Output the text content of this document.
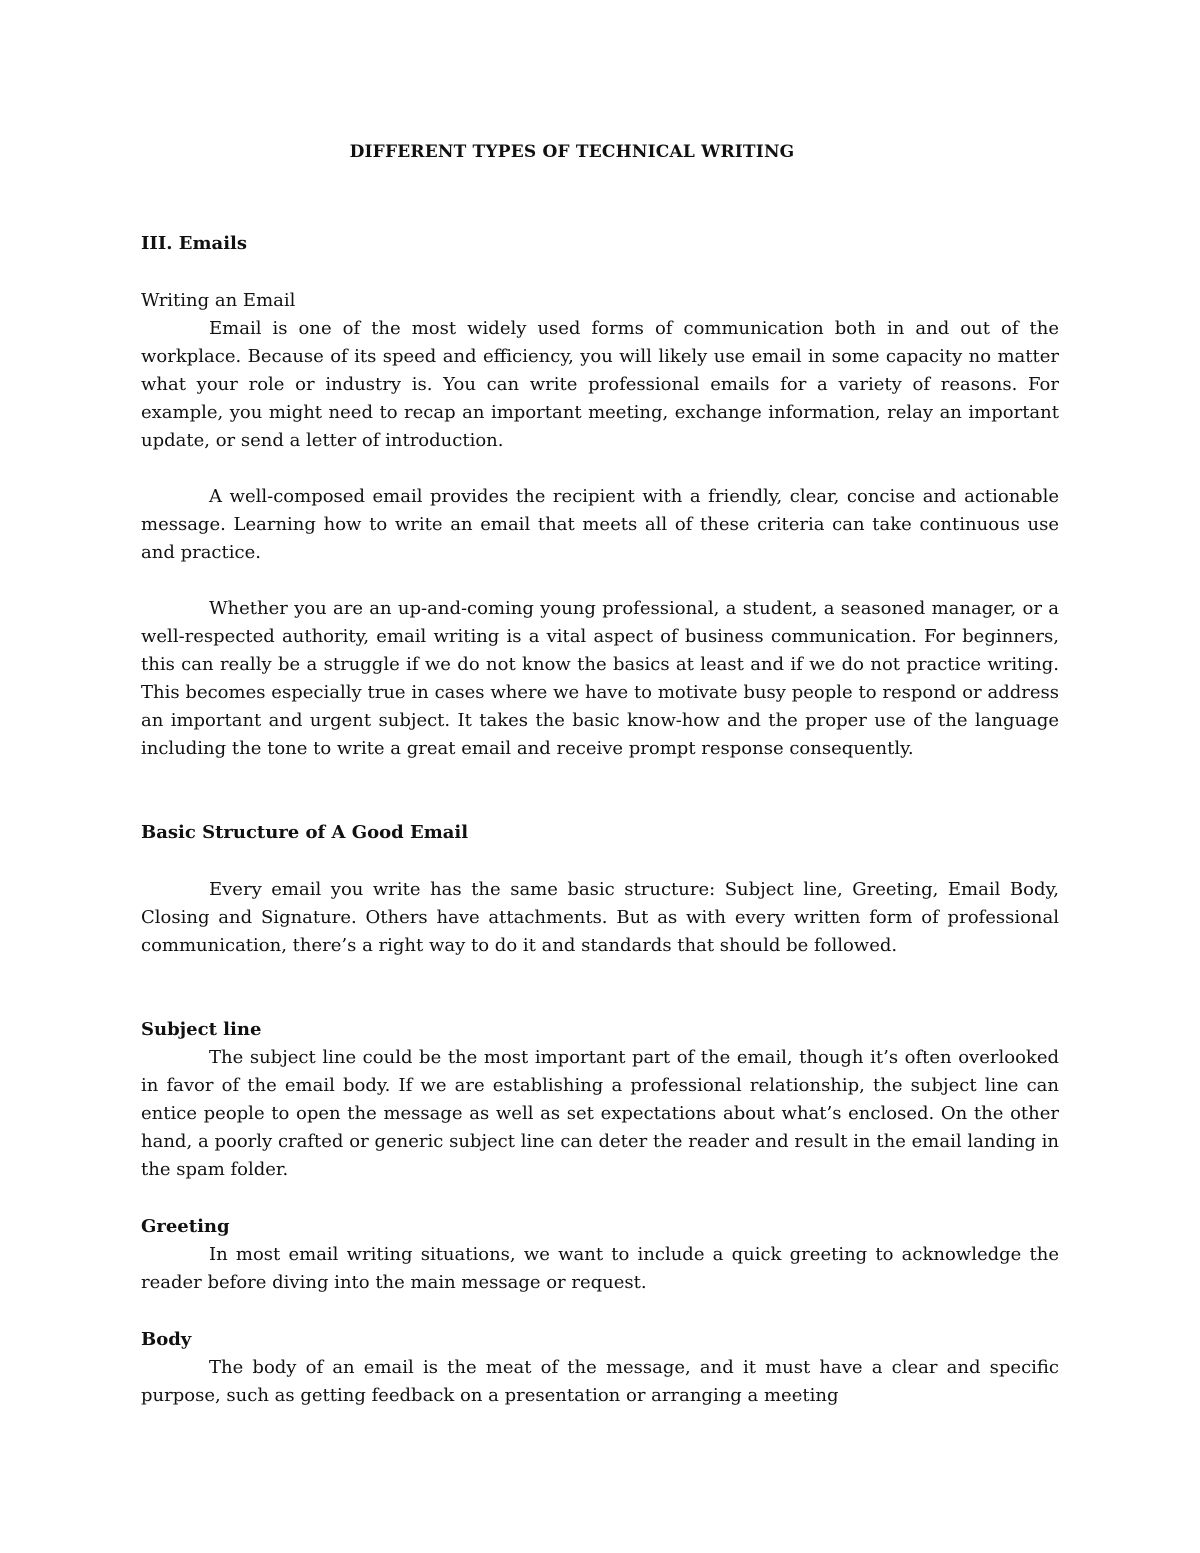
DIFFERENT TYPES OF TECHNICAL WRITING
III. Emails

Writing an Email

Email is one of the most widely used forms of communication both in and out of the workplace. Because of its speed and efficiency, you will likely use email in some capacity no matter what your role or industry is. You can write professional emails for a variety of reasons. For example, you might need to recap an important meeting, exchange information, relay an important update, or send a letter of introduction.

A well-composed email provides the recipient with a friendly, clear, concise and actionable message. Learning how to write an email that meets all of these criteria can take continuous use and practice.

Whether you are an up-and-coming young professional, a student, a seasoned manager, or a well-respected authority, email writing is a vital aspect of business communication. For beginners, this can really be a struggle if we do not know the basics at least and if we do not practice writing. This becomes especially true in cases where we have to motivate busy people to respond or address an important and urgent subject. It takes the basic know-how and the proper use of the language including the tone to write a great email and receive prompt response consequently.

Basic Structure of A Good Email

Every email you write has the same basic structure: Subject line, Greeting, Email Body, Closing and Signature. Others have attachments. But as with every written form of professional communication, there’s a right way to do it and standards that should be followed.

Subject line

The subject line could be the most important part of the email, though it’s often overlooked in favor of the email body. If we are establishing a professional relationship, the subject line can entice people to open the message as well as set expectations about what’s enclosed. On the other hand, a poorly crafted or generic subject line can deter the reader and result in the email landing in the spam folder.

Greeting

In most email writing situations, we want to include a quick greeting to acknowledge the reader before diving into the main message or request.

Body

The body of an email is the meat of the message, and it must have a clear and specific purpose, such as getting feedback on a presentation or arranging a meeting
